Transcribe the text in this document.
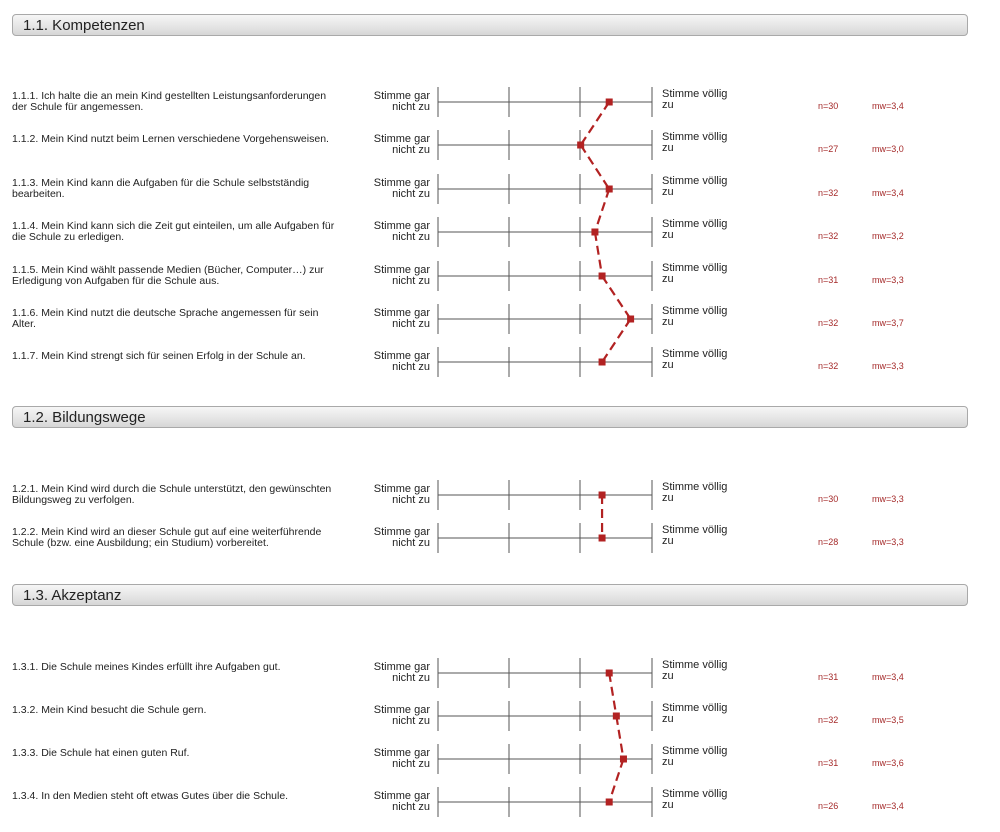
1.1. Kompetenzen
1.1.1. Ich halte die an mein Kind gestellten Leistungsanforderungen der Schule für angemessen.
Stimme gar
nicht zu
Stimme völlig
zu	n=30	mw=3,4
1.1.2. Mein Kind nutzt beim Lernen verschiedene Vorgehensweisen.	Stimme gar
nicht zu
Stimme völlig
zu	n=27	mw=3,0
1.1.3. Mein Kind kann die Aufgaben für die Schule selbstständig bearbeiten.
Stimme gar
nicht zu
Stimme völlig
zu	n=32	mw=3,4
1.1.4. Mein Kind kann sich die Zeit gut einteilen, um alle Aufgaben für die Schule zu erledigen.
Stimme gar
nicht zu
Stimme völlig
zu	n=32	mw=3,2
1.1.5. Mein Kind wählt passende Medien (Bücher, Computer…) zur Erledigung von Aufgaben für die Schule aus.
Stimme gar
nicht zu
Stimme völlig
zu	n=31	mw=3,3
1.1.6. Mein Kind nutzt die deutsche Sprache angemessen für sein Alter.
Stimme gar
nicht zu
Stimme völlig
zu	n=32	mw=3,7
1.1.7. Mein Kind strengt sich für seinen Erfolg in der Schule an.	Stimme gar
nicht zu
Stimme völlig
zu	n=32	mw=3,3
1.2. Bildungswege
1.2.1. Mein Kind wird durch die Schule unterstützt, den gewünschten Bildungsweg zu verfolgen.
Stimme gar
nicht zu
Stimme völlig
zu	n=30	mw=3,3
1.2.2. Mein Kind wird an dieser Schule gut auf eine weiterführende Schule (bzw. eine Ausbildung; ein Studium) vorbereitet.
Stimme gar
nicht zu
Stimme völlig
zu	n=28	mw=3,3
1.3. Akzeptanz
1.3.1. Die Schule meines Kindes erfüllt ihre Aufgaben gut.	Stimme gar
nicht zu
Stimme völlig
zu	n=31	mw=3,4
1.3.2. Mein Kind besucht die Schule gern.	Stimme gar
nicht zu
Stimme völlig
zu	n=32	mw=3,5
1.3.3. Die Schule hat einen guten Ruf.	Stimme gar
nicht zu
Stimme völlig
zu	n=31	mw=3,6
1.3.4. In den Medien steht oft etwas Gutes über die Schule.	Stimme gar
nicht zu
Stimme völlig
zu	n=26	mw=3,4
